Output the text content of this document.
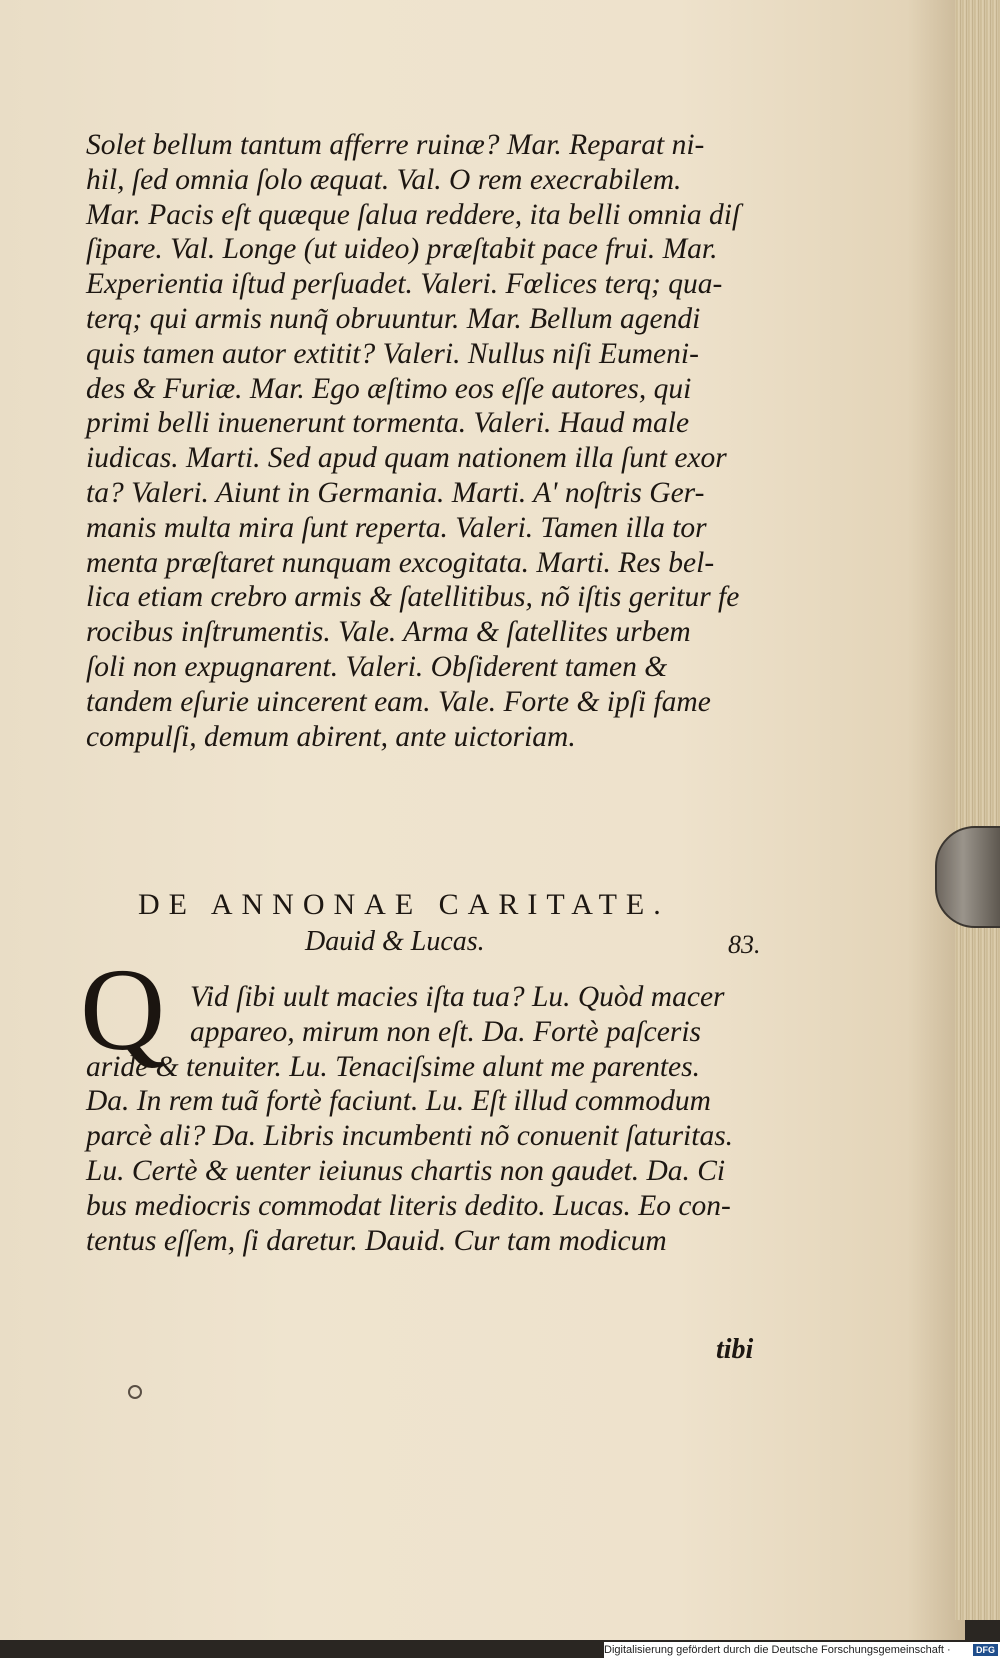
Solet bellum tantum afferre ruinæ? Mar. Reparat ni-
hil, ſed omnia ſolo æquat. Val. O rem execrabilem.
Mar. Pacis eſt quæque ſalua reddere, ita belli omnia diſ
ſipare. Val. Longe (ut uideo) præſtabit pace frui. Mar.
Experientia iſtud perſuadet. Valeri. Fœlices terq; qua-
terq; qui armis nunq̃ obruuntur. Mar. Bellum agendi
quis tamen autor extitit? Valeri. Nullus niſi Eumeni-
des & Furiæ. Mar. Ego æſtimo eos eſſe autores, qui
primi belli inuenerunt tormenta. Valeri. Haud male
iudicas. Marti. Sed apud quam nationem illa ſunt exor
ta? Valeri. Aiunt in Germania. Marti. A' noſtris Ger-
manis multa mira ſunt reperta. Valeri. Tamen illa tor
menta præſtaret nunquam excogitata. Marti. Res bel-
lica etiam crebro armis & ſatellitibus, nõ iſtis geritur fe
rocibus inſtrumentis. Vale. Arma & ſatellites urbem
ſoli non expugnarent. Valeri. Obſiderent tamen &
tandem eſurie uincerent eam. Vale. Forte & ipſi fame
compulſi, demum abirent, ante uictoriam.
DE ANNONAE CARITATE.
Dauid & Lucas.	83.
Q Vid ſibi uult macies iſta tua? Lu. Quòd macer
appareo, mirum non eſt. Da. Fortè paſceris
aride & tenuiter. Lu. Tenaciſsime alunt me parentes.
Da. In rem tuã fortè faciunt. Lu. Eſt illud commodum
parcè ali? Da. Libris incumbenti nõ conuenit ſaturitas.
Lu. Certè & uenter ieiunus chartis non gaudet. Da. Ci
bus mediocris commodat literis dedito. Lucas. Eo con-
tentus eſſem, ſi daretur. Dauid. Cur tam modicum
tibi
Digitalisierung gefördert durch die Deutsche Forschungsgemeinschaft ·	DFG
